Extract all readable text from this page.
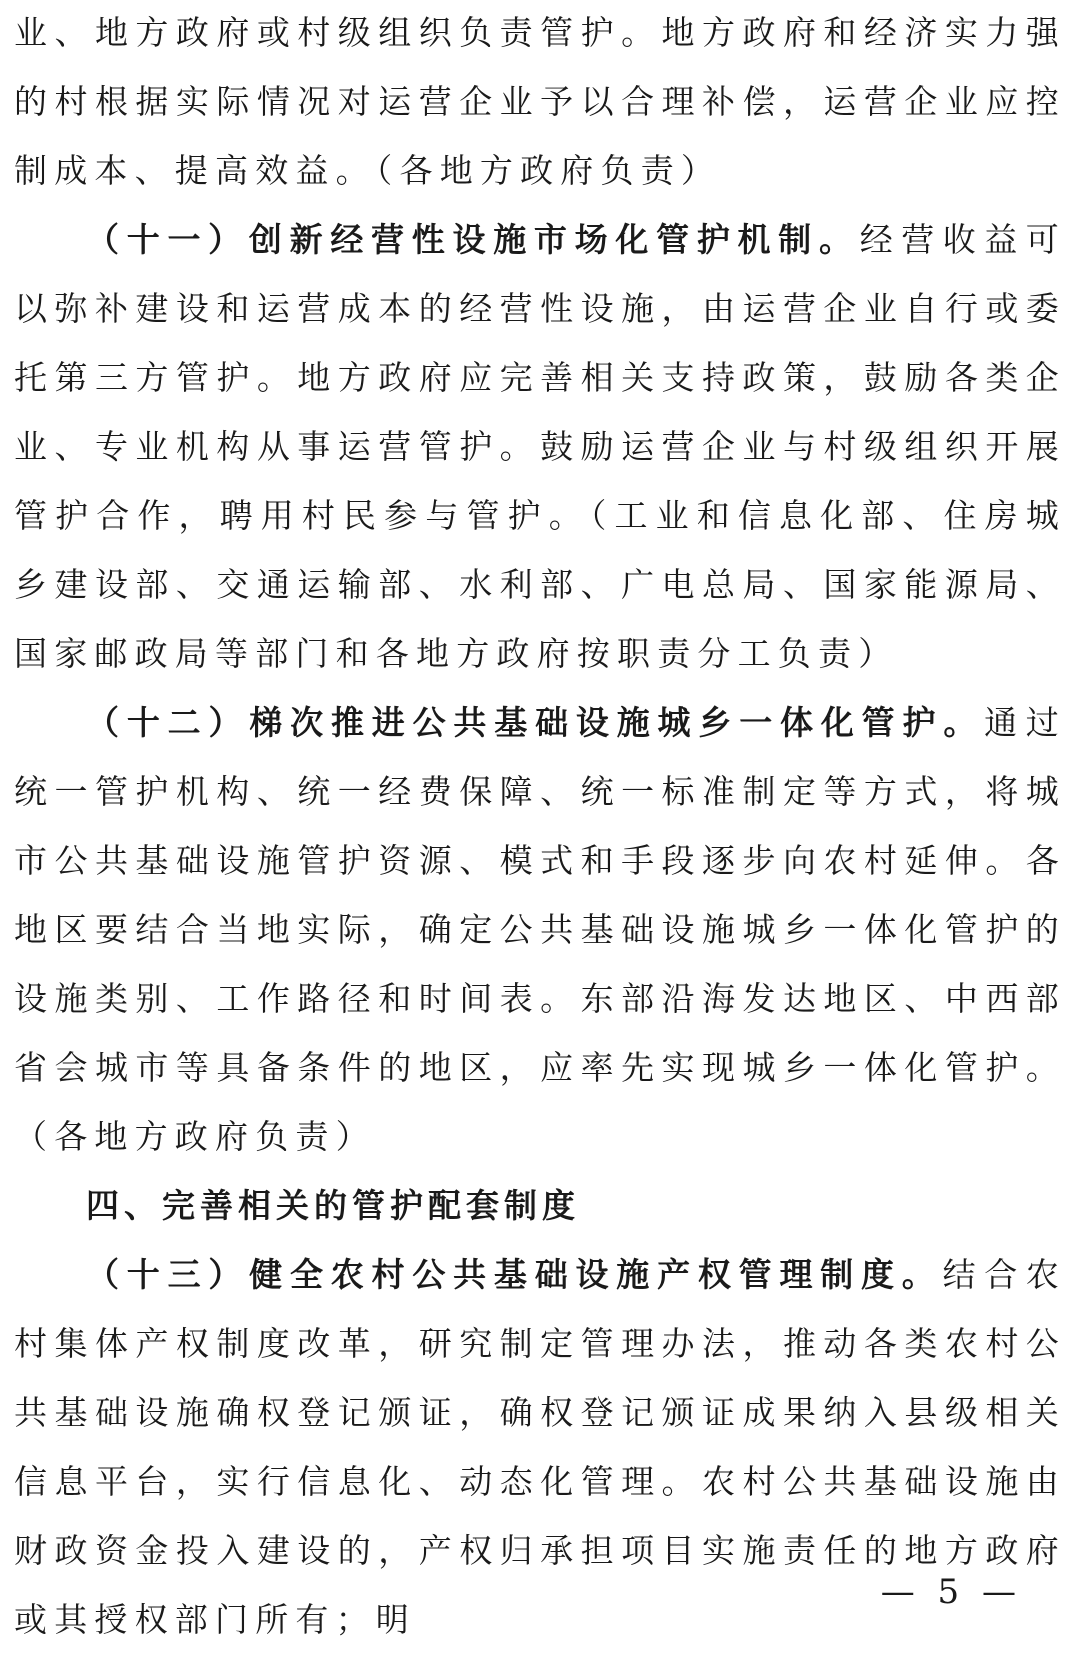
业、地方政府或村级组织负责管护。地方政府和经济实力强的村根据实际情况对运营企业予以合理补偿，运营企业应控制成本、提高效益。（各地方政府负责）

（十一）创新经营性设施市场化管护机制。经营收益可以弥补建设和运营成本的经营性设施，由运营企业自行或委托第三方管护。地方政府应完善相关支持政策，鼓励各类企业、专业机构从事运营管护。鼓励运营企业与村级组织开展管护合作，聘用村民参与管护。（工业和信息化部、住房城乡建设部、交通运输部、水利部、广电总局、国家能源局、国家邮政局等部门和各地方政府按职责分工负责）

（十二）梯次推进公共基础设施城乡一体化管护。通过统一管护机构、统一经费保障、统一标准制定等方式，将城市公共基础设施管护资源、模式和手段逐步向农村延伸。各地区要结合当地实际，确定公共基础设施城乡一体化管护的设施类别、工作路径和时间表。东部沿海发达地区、中西部省会城市等具备条件的地区，应率先实现城乡一体化管护。（各地方政府负责）

四、完善相关的管护配套制度

（十三）健全农村公共基础设施产权管理制度。结合农村集体产权制度改革，研究制定管理办法，推动各类农村公共基础设施确权登记颁证，确权登记颁证成果纳入县级相关信息平台，实行信息化、动态化管理。农村公共基础设施由财政资金投入建设的，产权归承担项目实施责任的地方政府或其授权部门所有；明

— 5 —
